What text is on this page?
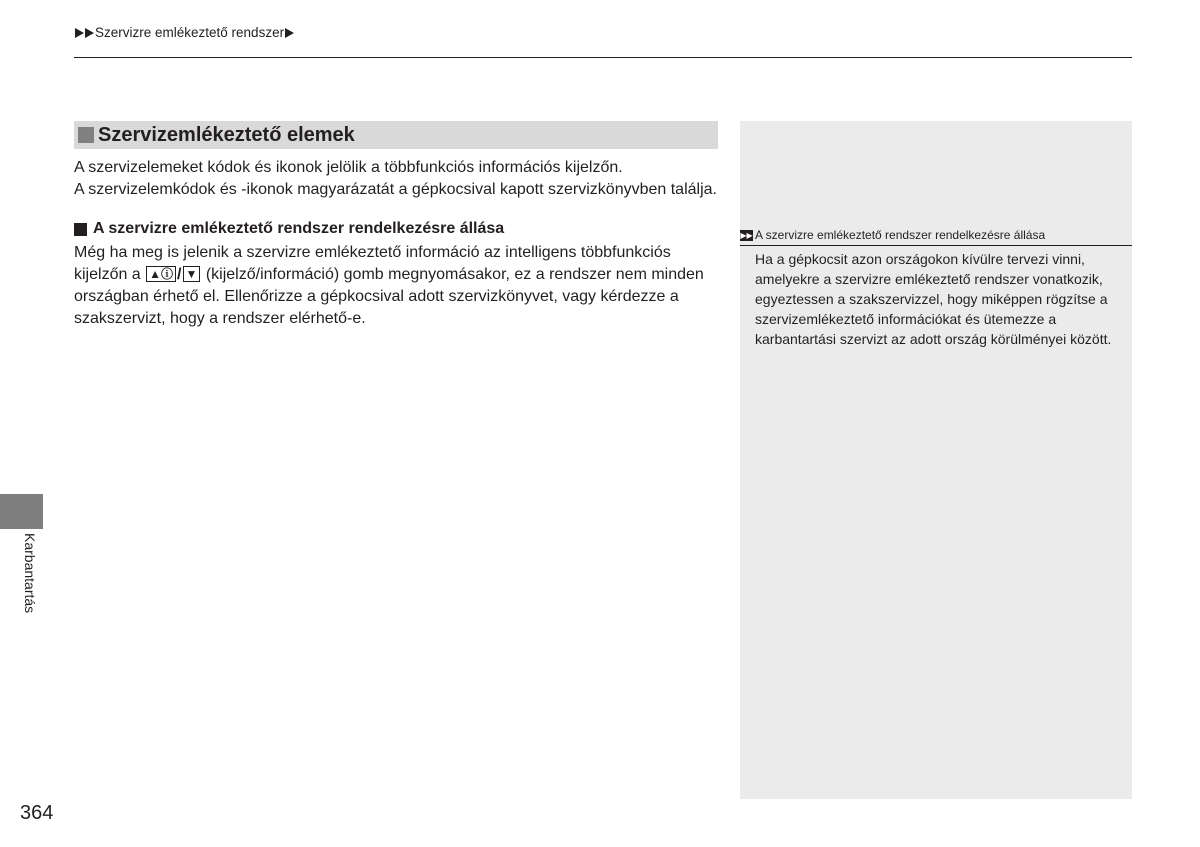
Szervizre emlékeztető rendszer
Szervizemlékeztető elemek

A szervizelemeket kódok és ikonok jelölik a többfunkciós információs kijelzőn.

A szervizelemkódok és -ikonok magyarázatát a gépkocsival kapott szervizkönyvben találja.

A szervizre emlékeztető rendszer rendelkezésre állása
Még ha meg is jelenik a szervizre emlékeztető információ az intelligens többfunkciós
kijelzőn a ▲ⓘ / ▼ (kijelző/információ) gomb megnyomásakor, ez a rendszer nem minden
országban érhető el. Ellenőrizze a gépkocsival adott szervizkönyvet, vagy kérdezze a
szakszervizt, hogy a rendszer elérhető-e.
▶▶ A szervizre emlékeztető rendszer rendelkezésre állása
Ha a gépkocsit azon országokon kívülre tervezi vinni,
amelyekre a szervizre emlékeztető rendszer vonatkozik,
egyeztessen a szakszervizzel, hogy miképpen rögzítse a
szervizemlékeztető információkat és ütemezze a
karbantartási szervizt az adott ország körülményei között.
Karbantartás
364
